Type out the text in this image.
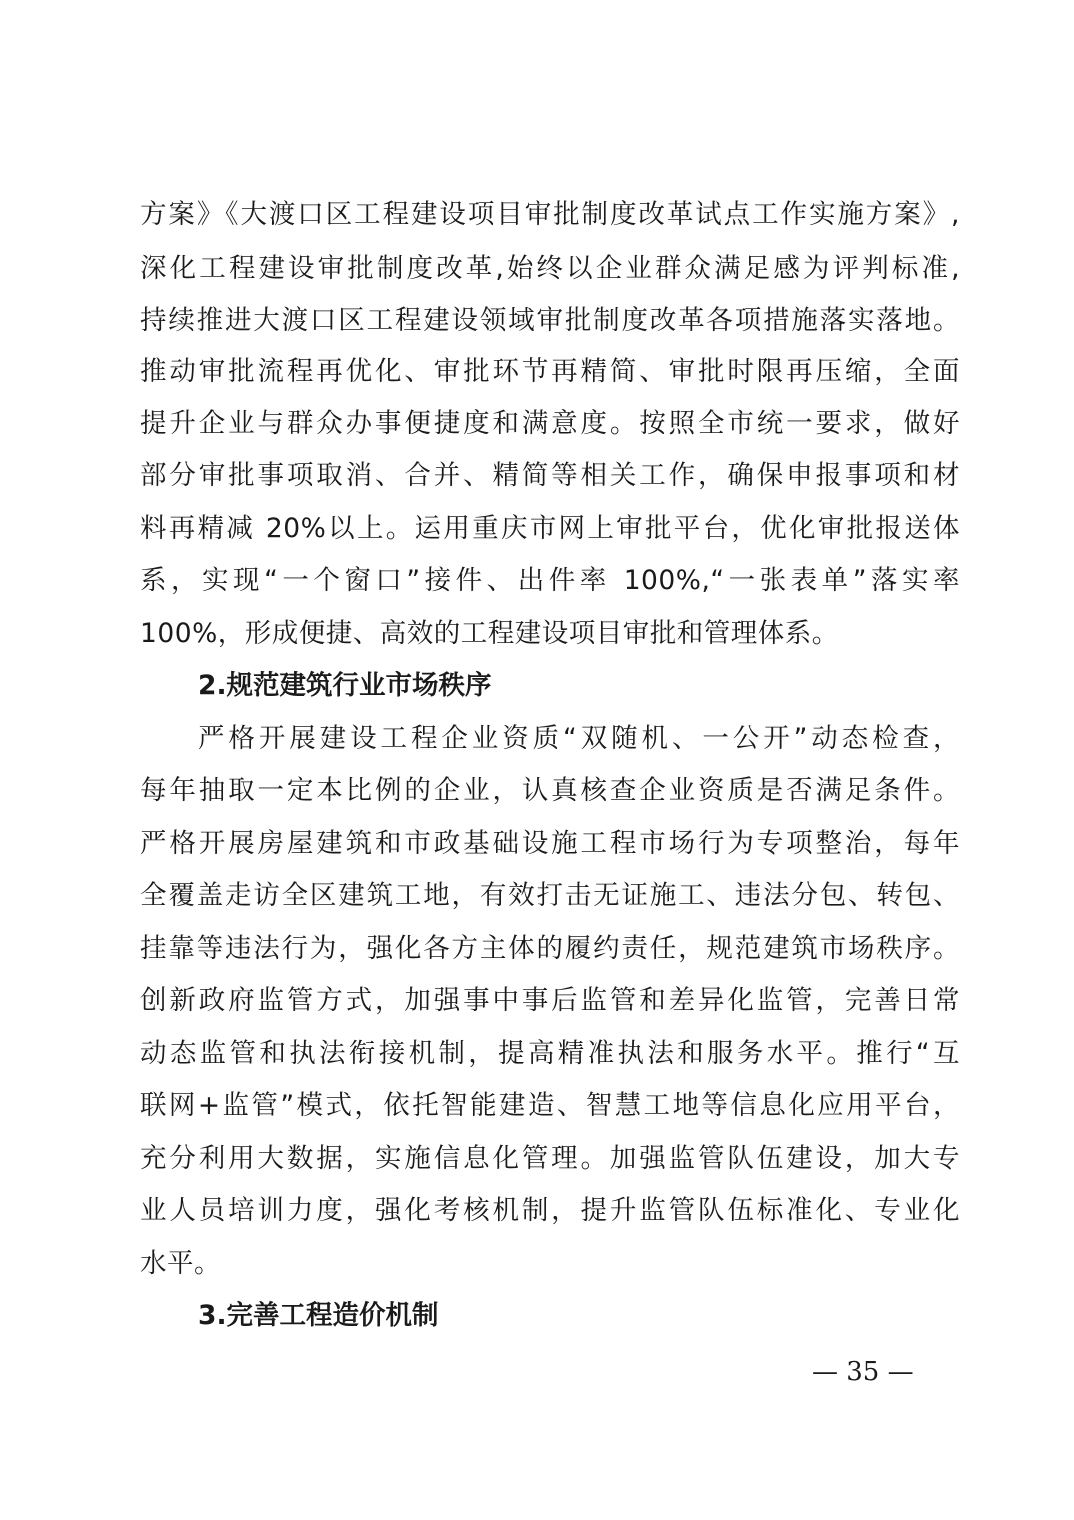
方案》《大渡口区工程建设项目审批制度改革试点工作实施方案》,
深化工程建设审批制度改革,始终以企业群众满足感为评判标准,
持续推进大渡口区工程建设领域审批制度改革各项措施落实落地。
推动审批流程再优化、审批环节再精简、审批时限再压缩，全面
提升企业与群众办事便捷度和满意度。按照全市统一要求，做好
部分审批事项取消、合并、精简等相关工作，确保申报事项和材
料再精减 20%以上。运用重庆市网上审批平台，优化审批报送体
系，实现“一个窗口”接件、出件率 100%,“一张表单”落实率
100%，形成便捷、高效的工程建设项目审批和管理体系。
2.规范建筑行业市场秩序
严格开展建设工程企业资质“双随机、一公开”动态检查，
每年抽取一定本比例的企业，认真核查企业资质是否满足条件。
严格开展房屋建筑和市政基础设施工程市场行为专项整治，每年
全覆盖走访全区建筑工地，有效打击无证施工、违法分包、转包、
挂靠等违法行为，强化各方主体的履约责任，规范建筑市场秩序。
创新政府监管方式，加强事中事后监管和差异化监管，完善日常
动态监管和执法衔接机制，提高精准执法和服务水平。推行“互
联网+监管”模式，依托智能建造、智慧工地等信息化应用平台，
充分利用大数据，实施信息化管理。加强监管队伍建设，加大专
业人员培训力度，强化考核机制，提升监管队伍标准化、专业化
水平。
3.完善工程造价机制
— 35 —
